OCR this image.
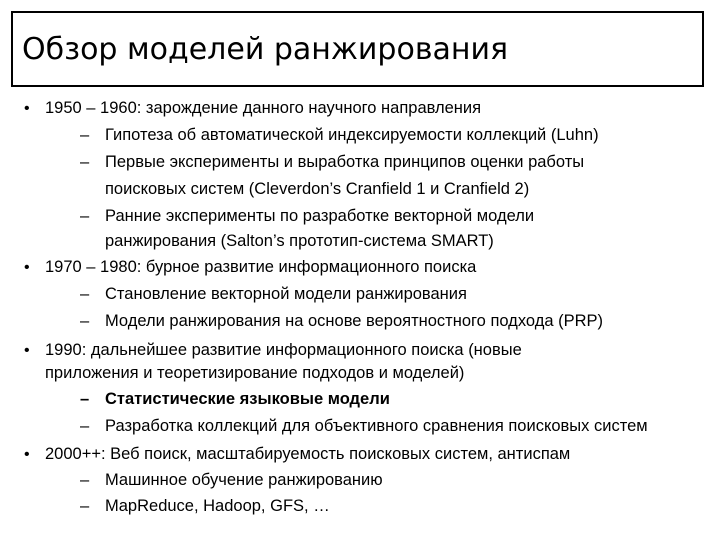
Обзор моделей ранжирования
• 1950 – 1960: зарождение данного научного направления
– Гипотеза об автоматической индексируемости коллекций (Luhn)
– Первые эксперименты и выработка принципов оценки работы
поисковых систем (Cleverdon’s Cranfield 1 и Cranfield 2)
– Ранние эксперименты по разработке векторной модели
ранжирования (Salton’s прототип-система SMART)
• 1970 – 1980: бурное развитие информационного поиска
– Становление векторной модели ранжирования
– Модели ранжирования на основе вероятностного подхода (PRP)
• 1990: дальнейшее развитие информационного поиска (новые
приложения и теоретизирование подходов и моделей)
– Статистические языковые модели
– Разработка коллекций для объективного сравнения поисковых систем
• 2000++: Веб поиск, масштабируемость поисковых систем, антиспам
– Машинное обучение ранжированию
– MapReduce, Hadoop, GFS, …
